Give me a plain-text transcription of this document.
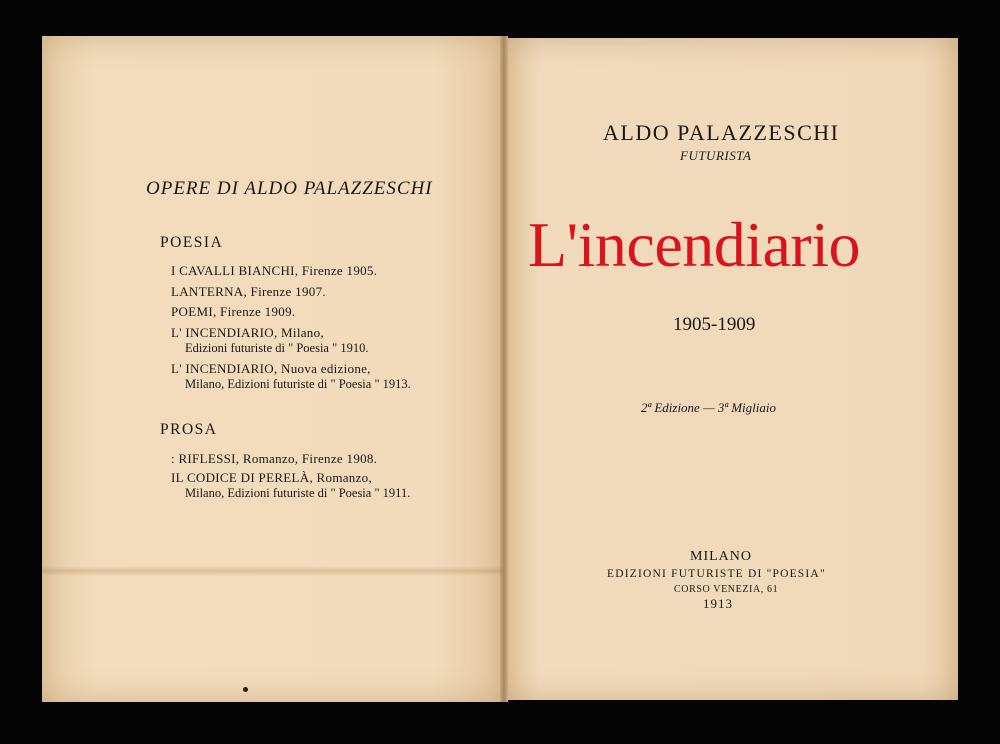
OPERE DI ALDO PALAZZESCHI
POESIA
I CAVALLI BIANCHI, Firenze 1905.
LANTERNA, Firenze 1907.
POEMI, Firenze 1909.
L' INCENDIARIO, Milano,
Edizioni futuriste di " Poesia " 1910.
L' INCENDIARIO, Nuova edizione,
Milano, Edizioni futuriste di " Poesia " 1913.
PROSA
: RIFLESSI, Romanzo, Firenze 1908.
IL CODICE DI PERELÀ, Romanzo,
Milano, Edizioni futuriste di " Poesia " 1911.
ALDO PALAZZESCHI
FUTURISTA
L'incendiario
1905-1909
2ª Edizione — 3ª Migliaio
MILANO
EDIZIONI FUTURISTE DI "POESIA"
CORSO VENEZIA, 61
1913
